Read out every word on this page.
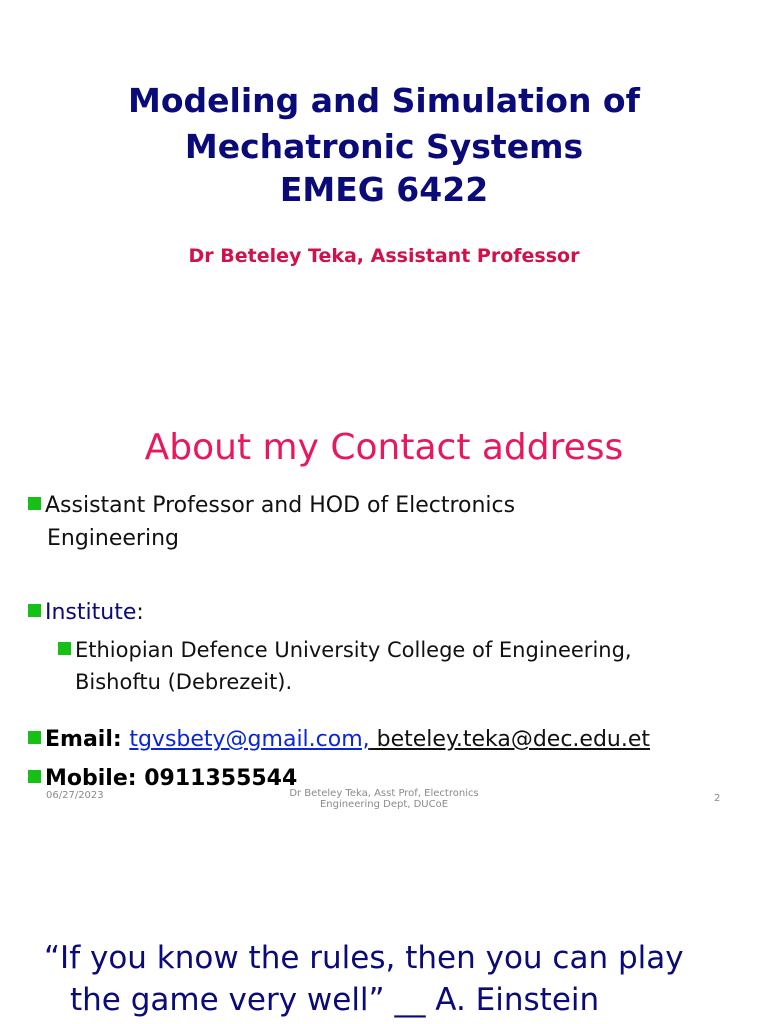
Modeling and Simulation of
Mechatronic Systems
EMEG 6422
Dr Beteley Teka, Assistant Professor
About my Contact address
Assistant Professor and HOD of Electronics
Engineering
Institute:
Ethiopian Defence University College of Engineering,
Bishoftu (Debrezeit).
Email: tgvsbety@gmail.com, beteley.teka@dec.edu.et
Mobile: 0911355544
06/27/2023	Dr Beteley Teka, Asst Prof, Electronics
Engineering Dept, DUCoE
2
“If you know the rules, then you can play
the game very well” __ A. Einstein
